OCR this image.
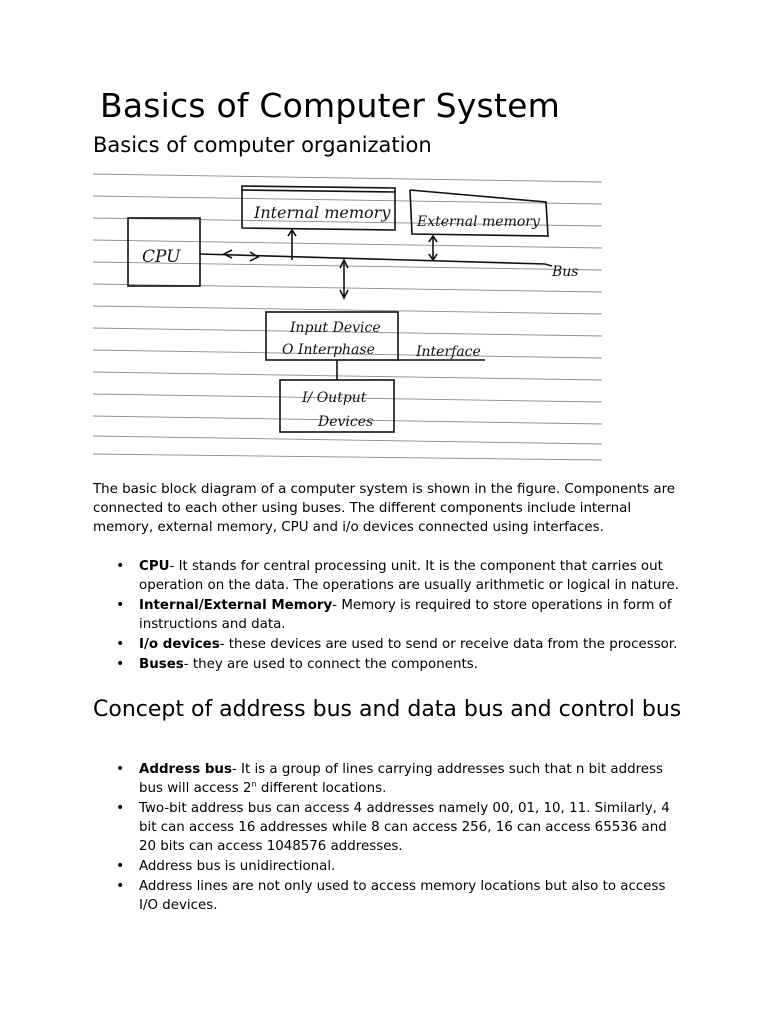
Basics of Computer System
Basics of computer organization
CPU
Internal memory External memory
Bus
Input Device
O Interphase	Interface
I/ Output
Devices

The basic block diagram of a computer system is shown in the figure. Components are connected to each other using buses. The different components include internal memory, external memory, CPU and i/o devices connected using interfaces.

• CPU- It stands for central processing unit. It is the component that carries out operation on the data. The operations are usually arithmetic or logical in nature.
• Internal/External Memory- Memory is required to store operations in form of instructions and data.
• I/o devices- these devices are used to send or receive data from the processor.
• Buses- they are used to connect the components.
Concept of address bus and data bus and control bus
• Address bus- It is a group of lines carrying addresses such that n bit address bus will access 2$^n$ different locations.
• Two-bit address bus can access 4 addresses namely 00, 01, 10, 11. Similarly, 4 bit can access 16 addresses while 8 can access 256, 16 can access 65536 and 20 bits can access 1048576 addresses.
• Address bus is unidirectional.
• Address lines are not only used to access memory locations but also to access I/O devices.
